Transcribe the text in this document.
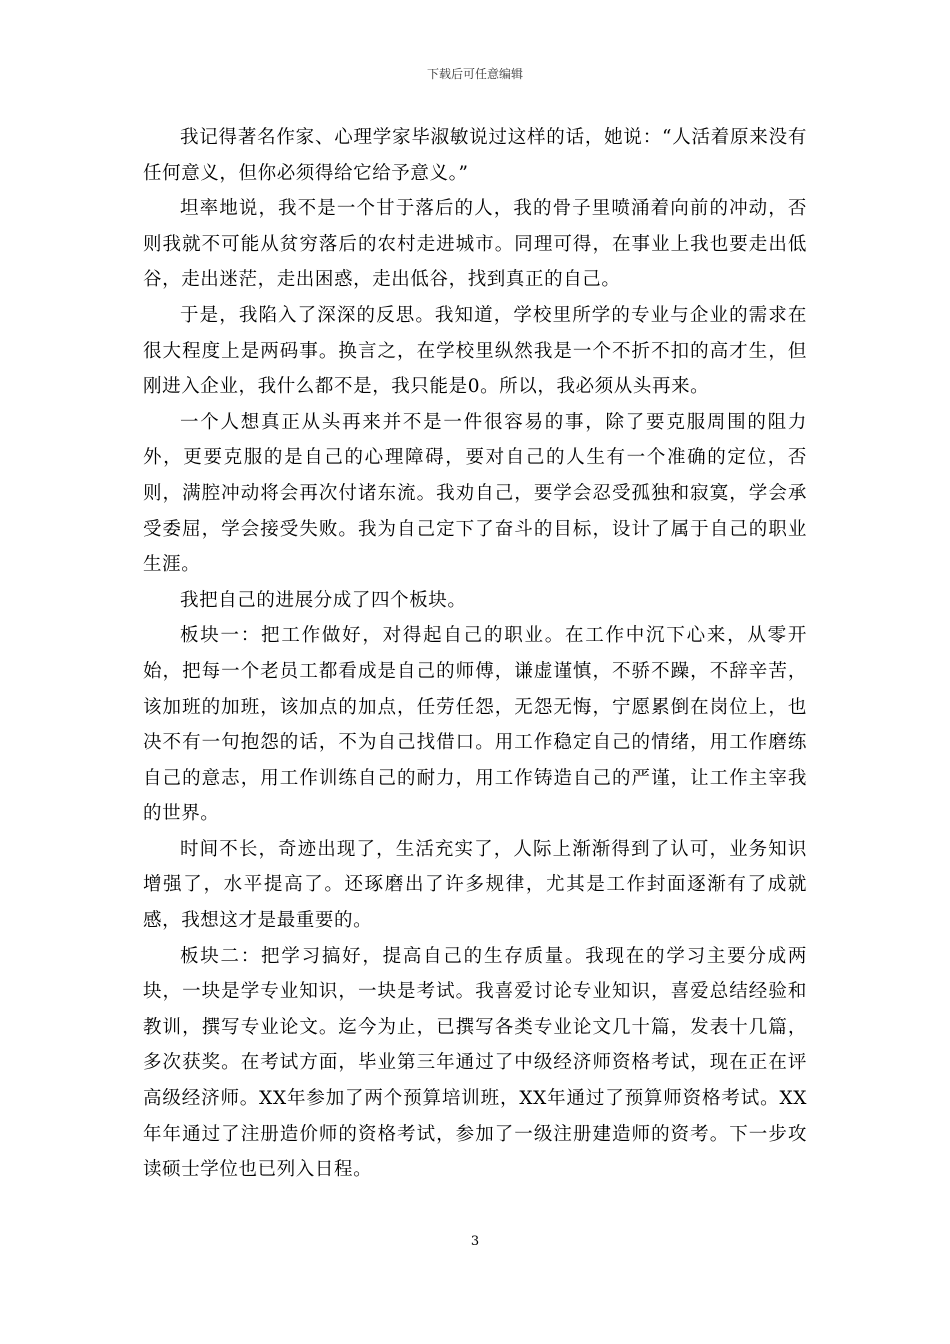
下载后可任意编辑

我记得著名作家、心理学家毕淑敏说过这样的话，她说：“人活着原来没有任何意义，但你必须得给它给予意义。”

坦率地说，我不是一个甘于落后的人，我的骨子里喷涌着向前的冲动，否则我就不可能从贫穷落后的农村走进城市。同理可得，在事业上我也要走出低谷，走出迷茫，走出困惑，走出低谷，找到真正的自己。

于是，我陷入了深深的反思。我知道，学校里所学的专业与企业的需求在很大程度上是两码事。换言之，在学校里纵然我是一个不折不扣的高才生，但刚进入企业，我什么都不是，我只能是0。所以，我必须从头再来。

一个人想真正从头再来并不是一件很容易的事，除了要克服周围的阻力外，更要克服的是自己的心理障碍，要对自己的人生有一个准确的定位，否则，满腔冲动将会再次付诸东流。我劝自己，要学会忍受孤独和寂寞，学会承受委屈，学会接受失败。我为自己定下了奋斗的目标，设计了属于自己的职业生涯。

我把自己的进展分成了四个板块。

板块一：把工作做好，对得起自己的职业。在工作中沉下心来，从零开始，把每一个老员工都看成是自己的师傅，谦虚谨慎，不骄不躁，不辞辛苦，该加班的加班，该加点的加点，任劳任怨，无怨无悔，宁愿累倒在岗位上，也决不有一句抱怨的话，不为自己找借口。用工作稳定自己的情绪，用工作磨练自己的意志，用工作训练自己的耐力，用工作铸造自己的严谨，让工作主宰我的世界。

时间不长，奇迹出现了，生活充实了，人际上渐渐得到了认可，业务知识增强了，水平提高了。还琢磨出了许多规律，尤其是工作封面逐渐有了成就感，我想这才是最重要的。

板块二：把学习搞好，提高自己的生存质量。我现在的学习主要分成两块，一块是学专业知识，一块是考试。我喜爱讨论专业知识，喜爱总结经验和教训，撰写专业论文。迄今为止，已撰写各类专业论文几十篇，发表十几篇，多次获奖。在考试方面，毕业第三年通过了中级经济师资格考试，现在正在评高级经济师。XX年参加了两个预算培训班，XX年通过了预算师资格考试。XX年年通过了注册造价师的资格考试，参加了一级注册建造师的资考。下一步攻读硕士学位也已列入日程。

3
